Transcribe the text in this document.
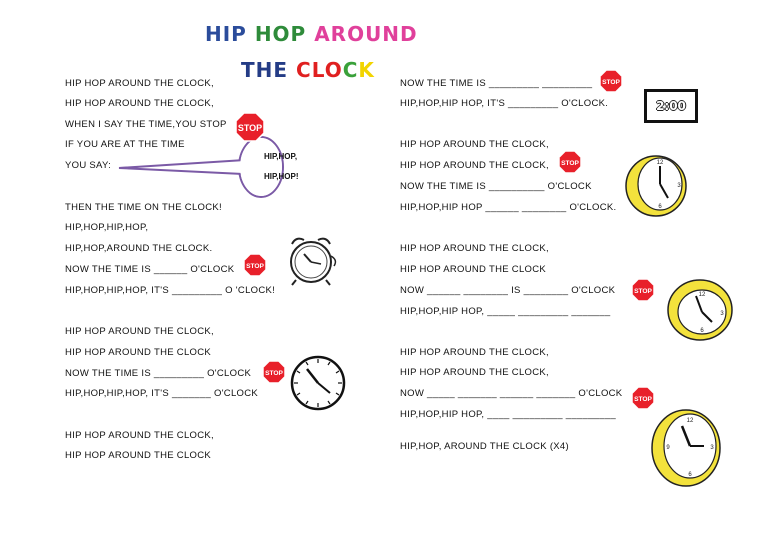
HIP HOP AROUND
THE CLOCK
HIP HOP AROUND THE CLOCK,
HIP HOP AROUND THE CLOCK,
WHEN I SAY THE TIME,YOU STOP
IF YOU ARE AT THE TIME
YOU SAY:
THEN THE TIME ON THE CLOCK!
HIP,HOP,HIP,HOP,
HIP,HOP,AROUND THE CLOCK.
NOW THE TIME IS ______ O'CLOCK
HIP,HOP,HIP,HOP, IT'S _________ O 'CLOCK!
HIP HOP AROUND THE CLOCK,
HIP HOP AROUND THE CLOCK
NOW THE TIME IS _________ O'CLOCK
HIP,HOP,HIP,HOP, IT'S _______ O'CLOCK
HIP HOP AROUND THE CLOCK,
HIP HOP AROUND THE CLOCK
NOW THE TIME IS _________ _________
HIP,HOP,HIP HOP, IT'S _________ O'CLOCK.
HIP HOP AROUND THE CLOCK,
HIP HOP AROUND THE CLOCK,
NOW THE TIME IS __________ O'CLOCK
HIP,HOP,HIP HOP ______ ________ O'CLOCK.
HIP HOP AROUND THE CLOCK,
HIP HOP AROUND THE CLOCK
NOW ______ ________ IS ________ O'CLOCK
HIP,HOP,HIP HOP, _____ _________ _______
HIP HOP AROUND THE CLOCK,
HIP HOP AROUND THE CLOCK,
NOW _____ _______ ______ _______ O'CLOCK
HIP,HOP,HIP HOP, ____ _________ _________
HIP,HOP, AROUND THE CLOCK (X4)
HIP,HOP,
HIP,HOP!
STOP
STOP
STOP
STOP
STOP
STOP
STOP
2:00
12
3
6
12
3
6
12
3
6
9
